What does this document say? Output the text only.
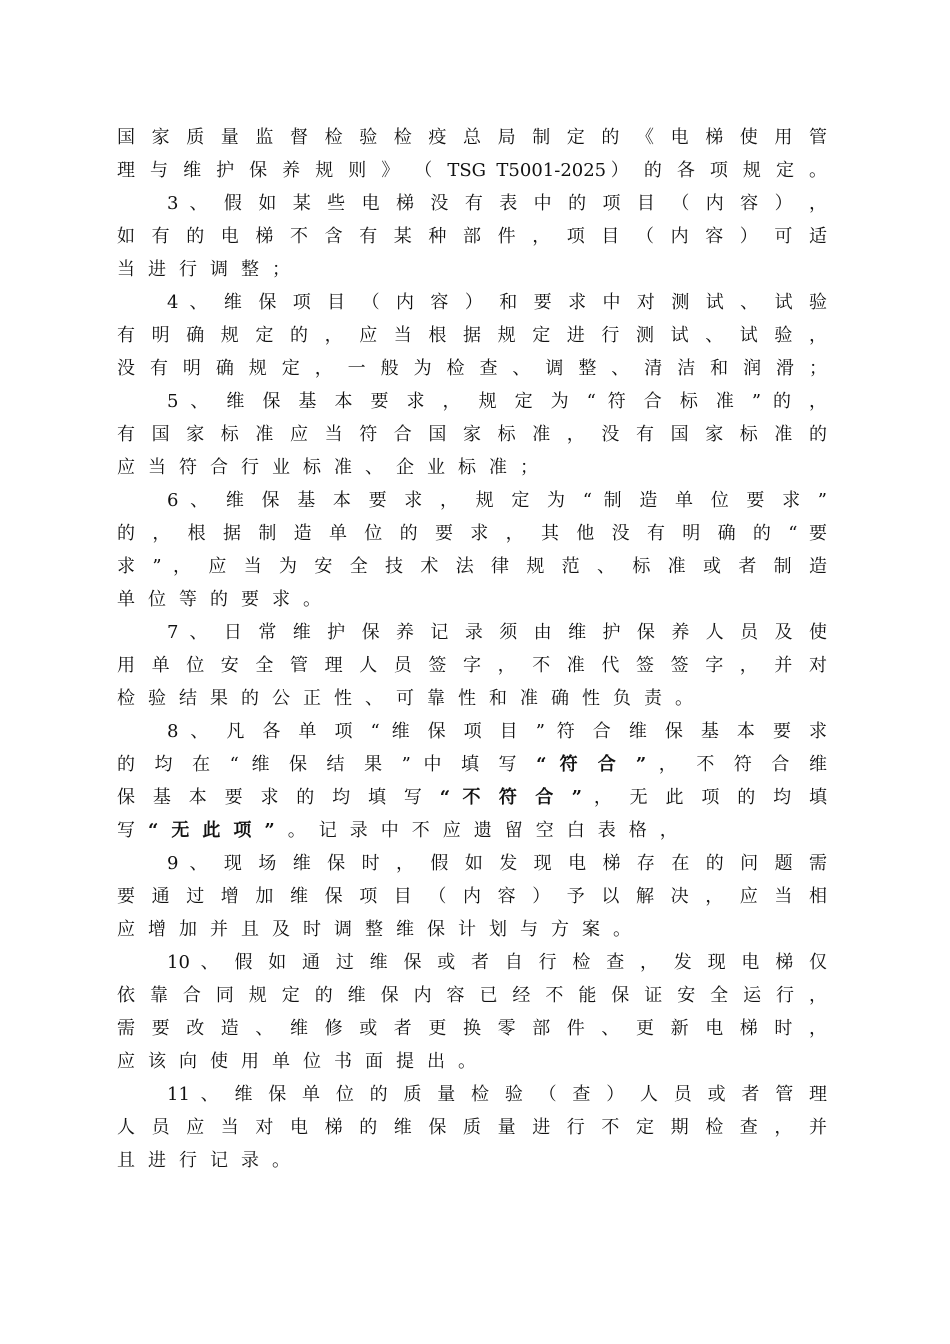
国 家 质 量 监 督 检 验 检 疫 总 局 制 定 的 《 电 梯 使 用 管
理 与 维 护 保 养 规 则 》 （ TSG T5001-2025） 的 各 项 规 定 。
3 、 假 如 某 些 电 梯 没 有 表 中 的 项 目 （ 内 容 ） ，
如 有 的 电 梯 不 含 有 某 种 部 件 ， 项 目 （ 内 容 ） 可 适
当进行调整；
4 、 维 保 项 目 （ 内 容 ） 和 要 求 中 对 测 试 、 试 验
有 明 确 规 定 的 ， 应 当 根 据 规 定 进 行 测 试 、 试 验 ，
没 有 明 确 规 定 ， 一 般 为 检 查 、 调 整 、 清 洁 和 润 滑 ；
5 、 维 保 基 本 要 求 ， 规 定 为 “ 符 合 标 准 ” 的 ，
有 国 家 标 准 应 当 符 合 国 家 标 准 ， 没 有 国 家 标 准 的
应当符合行业标准、企业标准；
6 、 维 保 基 本 要 求 ， 规 定 为 “ 制 造 单 位 要 求 ”
的 ， 根 据 制 造 单 位 的 要 求 ， 其 他 没 有 明 确 的 “ 要
求 ” ， 应 当 为 安 全 技 术 法 律 规 范 、 标 准 或 者 制 造
单位等的要求。
7 、 日 常 维 护 保 养 记 录 须 由 维 护 保 养 人 员 及 使
用 单 位 安 全 管 理 人 员 签 字 ， 不 准 代 签 签 字 ， 并 对
检验结果的公正性、可靠性和准确性负责。
8 、 凡 各 单 项 “ 维 保 项 目 ” 符 合 维 保 基 本 要 求
的 均 在 “ 维 保 结 果 ” 中 填 写 “ 符 合 ” ， 不 符 合 维
保 基 本 要 求 的 均 填 写 “ 不 符 合 ” ， 无 此 项 的 均 填
写“无此项”。记录中不应遗留空白表格，
9 、 现 场 维 保 时 ， 假 如 发 现 电 梯 存 在 的 问 题 需
要 通 过 增 加 维 保 项 目 （ 内 容 ） 予 以 解 决 ， 应 当 相
应增加并且及时调整维保计划与方案。
10 、 假 如 通 过 维 保 或 者 自 行 检 查 ， 发 现 电 梯 仅
依 靠 合 同 规 定 的 维 保 内 容 已 经 不 能 保 证 安 全 运 行 ，
需 要 改 造 、 维 修 或 者 更 换 零 部 件 、 更 新 电 梯 时 ，
应该向使用单位书面提出。
11 、 维 保 单 位 的 质 量 检 验 （ 查 ） 人 员 或 者 管 理
人 员 应 当 对 电 梯 的 维 保 质 量 进 行 不 定 期 检 查 ， 并
且进行记录。
